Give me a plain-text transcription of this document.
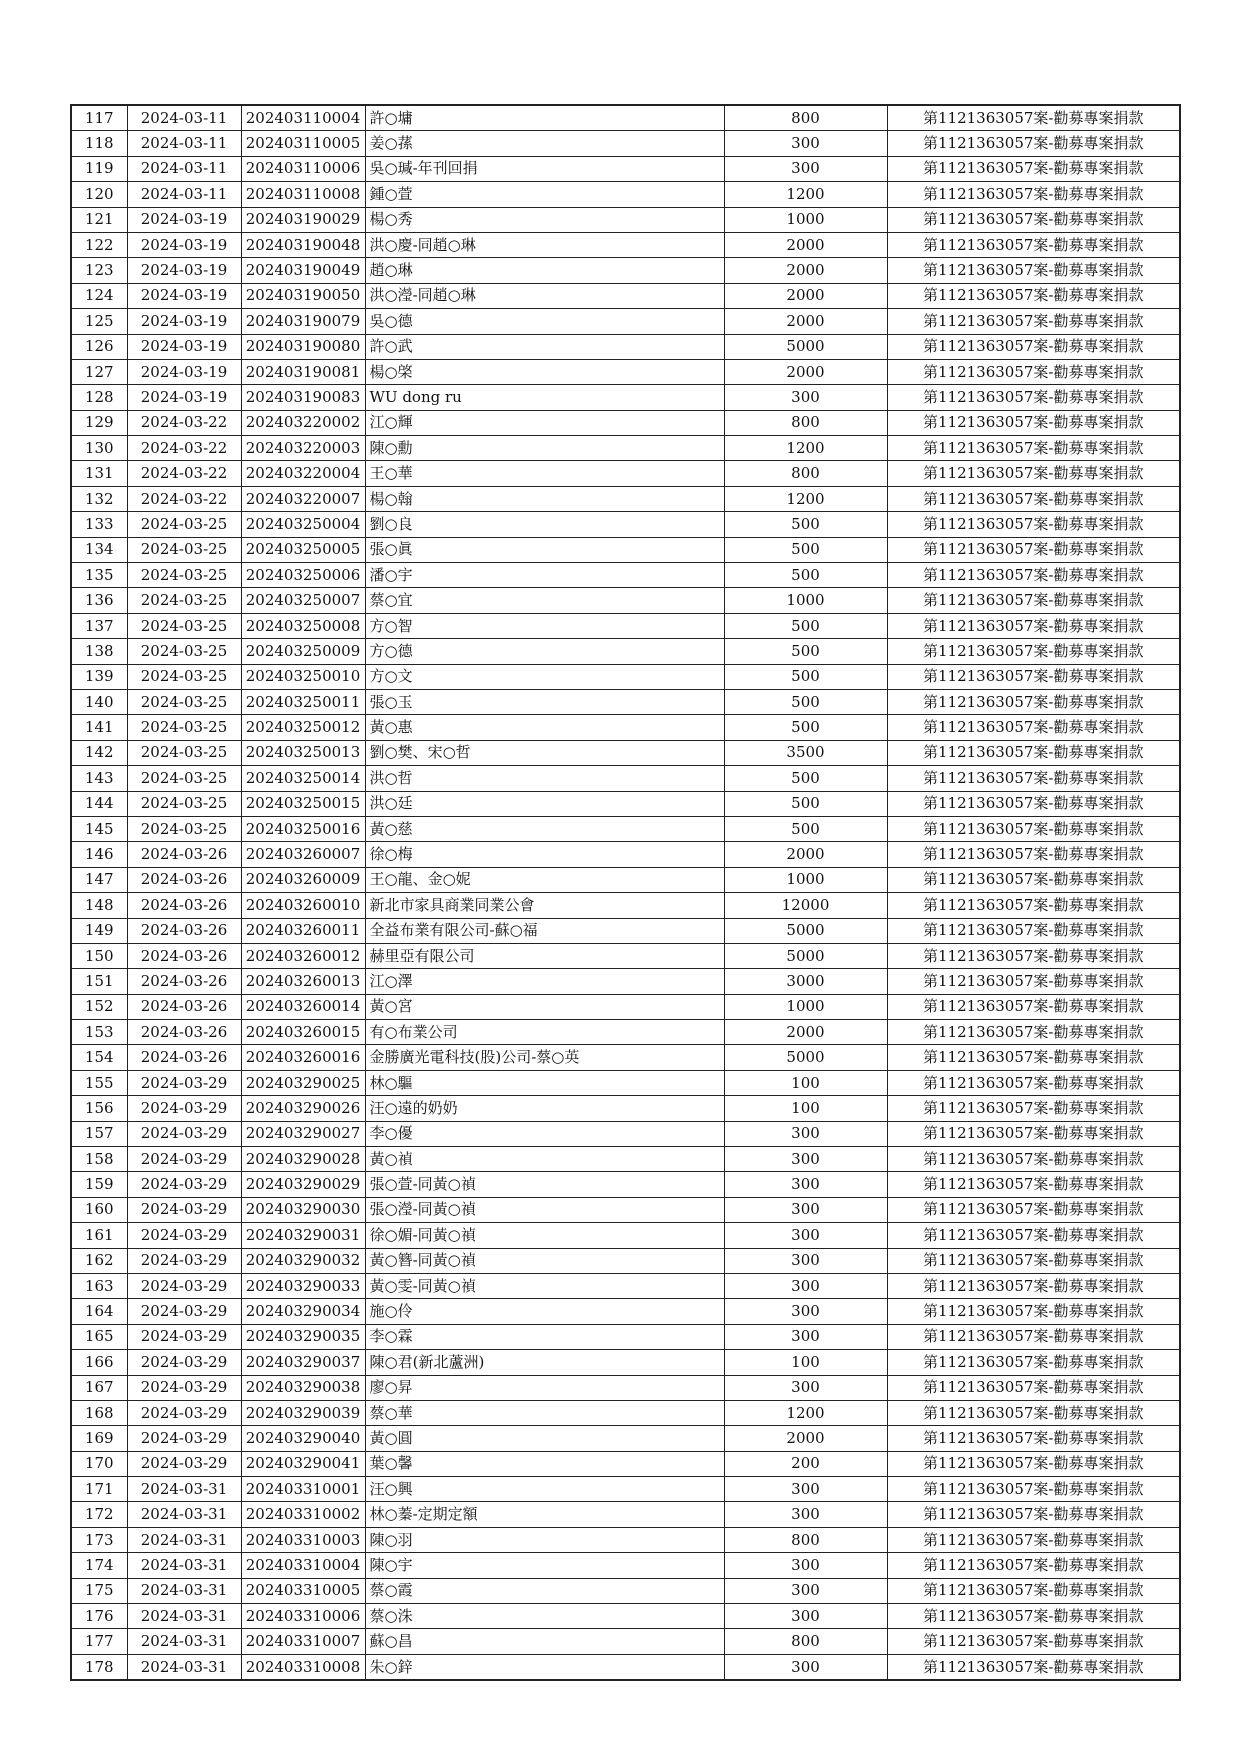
117	2024-03-11	202403110004	許○墉	800	第1121363057案-勸募專案捐款
118	2024-03-11	202403110005	姜○蓀	300	第1121363057案-勸募專案捐款
119	2024-03-11	202403110006	吳○瑊-年刊回捐	300	第1121363057案-勸募專案捐款
120	2024-03-11	202403110008	鍾○萱	1200	第1121363057案-勸募專案捐款
121	2024-03-19	202403190029	楊○秀	1000	第1121363057案-勸募專案捐款
122	2024-03-19	202403190048	洪○慶-同趙○琳	2000	第1121363057案-勸募專案捐款
123	2024-03-19	202403190049	趙○琳	2000	第1121363057案-勸募專案捐款
124	2024-03-19	202403190050	洪○瀅-同趙○琳	2000	第1121363057案-勸募專案捐款
125	2024-03-19	202403190079	吳○德	2000	第1121363057案-勸募專案捐款
126	2024-03-19	202403190080	許○武	5000	第1121363057案-勸募專案捐款
127	2024-03-19	202403190081	楊○棨	2000	第1121363057案-勸募專案捐款
128	2024-03-19	202403190083	WU dong ru	300	第1121363057案-勸募專案捐款
129	2024-03-22	202403220002	江○輝	800	第1121363057案-勸募專案捐款
130	2024-03-22	202403220003	陳○勳	1200	第1121363057案-勸募專案捐款
131	2024-03-22	202403220004	王○華	800	第1121363057案-勸募專案捐款
132	2024-03-22	202403220007	楊○翰	1200	第1121363057案-勸募專案捐款
133	2024-03-25	202403250004	劉○良	500	第1121363057案-勸募專案捐款
134	2024-03-25	202403250005	張○眞	500	第1121363057案-勸募專案捐款
135	2024-03-25	202403250006	潘○宇	500	第1121363057案-勸募專案捐款
136	2024-03-25	202403250007	蔡○宜	1000	第1121363057案-勸募專案捐款
137	2024-03-25	202403250008	方○智	500	第1121363057案-勸募專案捐款
138	2024-03-25	202403250009	方○德	500	第1121363057案-勸募專案捐款
139	2024-03-25	202403250010	方○文	500	第1121363057案-勸募專案捐款
140	2024-03-25	202403250011	張○玉	500	第1121363057案-勸募專案捐款
141	2024-03-25	202403250012	黃○惠	500	第1121363057案-勸募專案捐款
142	2024-03-25	202403250013	劉○樊、宋○哲	3500	第1121363057案-勸募專案捐款
143	2024-03-25	202403250014	洪○哲	500	第1121363057案-勸募專案捐款
144	2024-03-25	202403250015	洪○廷	500	第1121363057案-勸募專案捐款
145	2024-03-25	202403250016	黃○慈	500	第1121363057案-勸募專案捐款
146	2024-03-26	202403260007	徐○梅	2000	第1121363057案-勸募專案捐款
147	2024-03-26	202403260009	王○龍、金○妮	1000	第1121363057案-勸募專案捐款
148	2024-03-26	202403260010	新北市家具商業同業公會	12000	第1121363057案-勸募專案捐款
149	2024-03-26	202403260011	全益布業有限公司-蘇○福	5000	第1121363057案-勸募專案捐款
150	2024-03-26	202403260012	赫里亞有限公司	5000	第1121363057案-勸募專案捐款
151	2024-03-26	202403260013	江○澤	3000	第1121363057案-勸募專案捐款
152	2024-03-26	202403260014	黃○宮	1000	第1121363057案-勸募專案捐款
153	2024-03-26	202403260015	有○布業公司	2000	第1121363057案-勸募專案捐款
154	2024-03-26	202403260016	金勝廣光電科技(股)公司-蔡○英	5000	第1121363057案-勸募專案捐款
155	2024-03-29	202403290025	林○驅	100	第1121363057案-勸募專案捐款
156	2024-03-29	202403290026	汪○遠的奶奶	100	第1121363057案-勸募專案捐款
157	2024-03-29	202403290027	李○優	300	第1121363057案-勸募專案捐款
158	2024-03-29	202403290028	黃○禎	300	第1121363057案-勸募專案捐款
159	2024-03-29	202403290029	張○萱-同黃○禎	300	第1121363057案-勸募專案捐款
160	2024-03-29	202403290030	張○瀅-同黃○禎	300	第1121363057案-勸募專案捐款
161	2024-03-29	202403290031	徐○媚-同黃○禎	300	第1121363057案-勸募專案捐款
162	2024-03-29	202403290032	黃○簪-同黃○禎	300	第1121363057案-勸募專案捐款
163	2024-03-29	202403290033	黃○雯-同黃○禎	300	第1121363057案-勸募專案捐款
164	2024-03-29	202403290034	施○伶	300	第1121363057案-勸募專案捐款
165	2024-03-29	202403290035	李○霖	300	第1121363057案-勸募專案捐款
166	2024-03-29	202403290037	陳○君(新北蘆洲)	100	第1121363057案-勸募專案捐款
167	2024-03-29	202403290038	廖○昇	300	第1121363057案-勸募專案捐款
168	2024-03-29	202403290039	蔡○華	1200	第1121363057案-勸募專案捐款
169	2024-03-29	202403290040	黃○圓	2000	第1121363057案-勸募專案捐款
170	2024-03-29	202403290041	葉○馨	200	第1121363057案-勸募專案捐款
171	2024-03-31	202403310001	汪○興	300	第1121363057案-勸募專案捐款
172	2024-03-31	202403310002	林○蓁-定期定額	300	第1121363057案-勸募專案捐款
173	2024-03-31	202403310003	陳○羽	800	第1121363057案-勸募專案捐款
174	2024-03-31	202403310004	陳○宇	300	第1121363057案-勸募專案捐款
175	2024-03-31	202403310005	蔡○霞	300	第1121363057案-勸募專案捐款
176	2024-03-31	202403310006	蔡○洙	300	第1121363057案-勸募專案捐款
177	2024-03-31	202403310007	蘇○昌	800	第1121363057案-勸募專案捐款
178	2024-03-31	202403310008	朱○鋅	300	第1121363057案-勸募專案捐款
